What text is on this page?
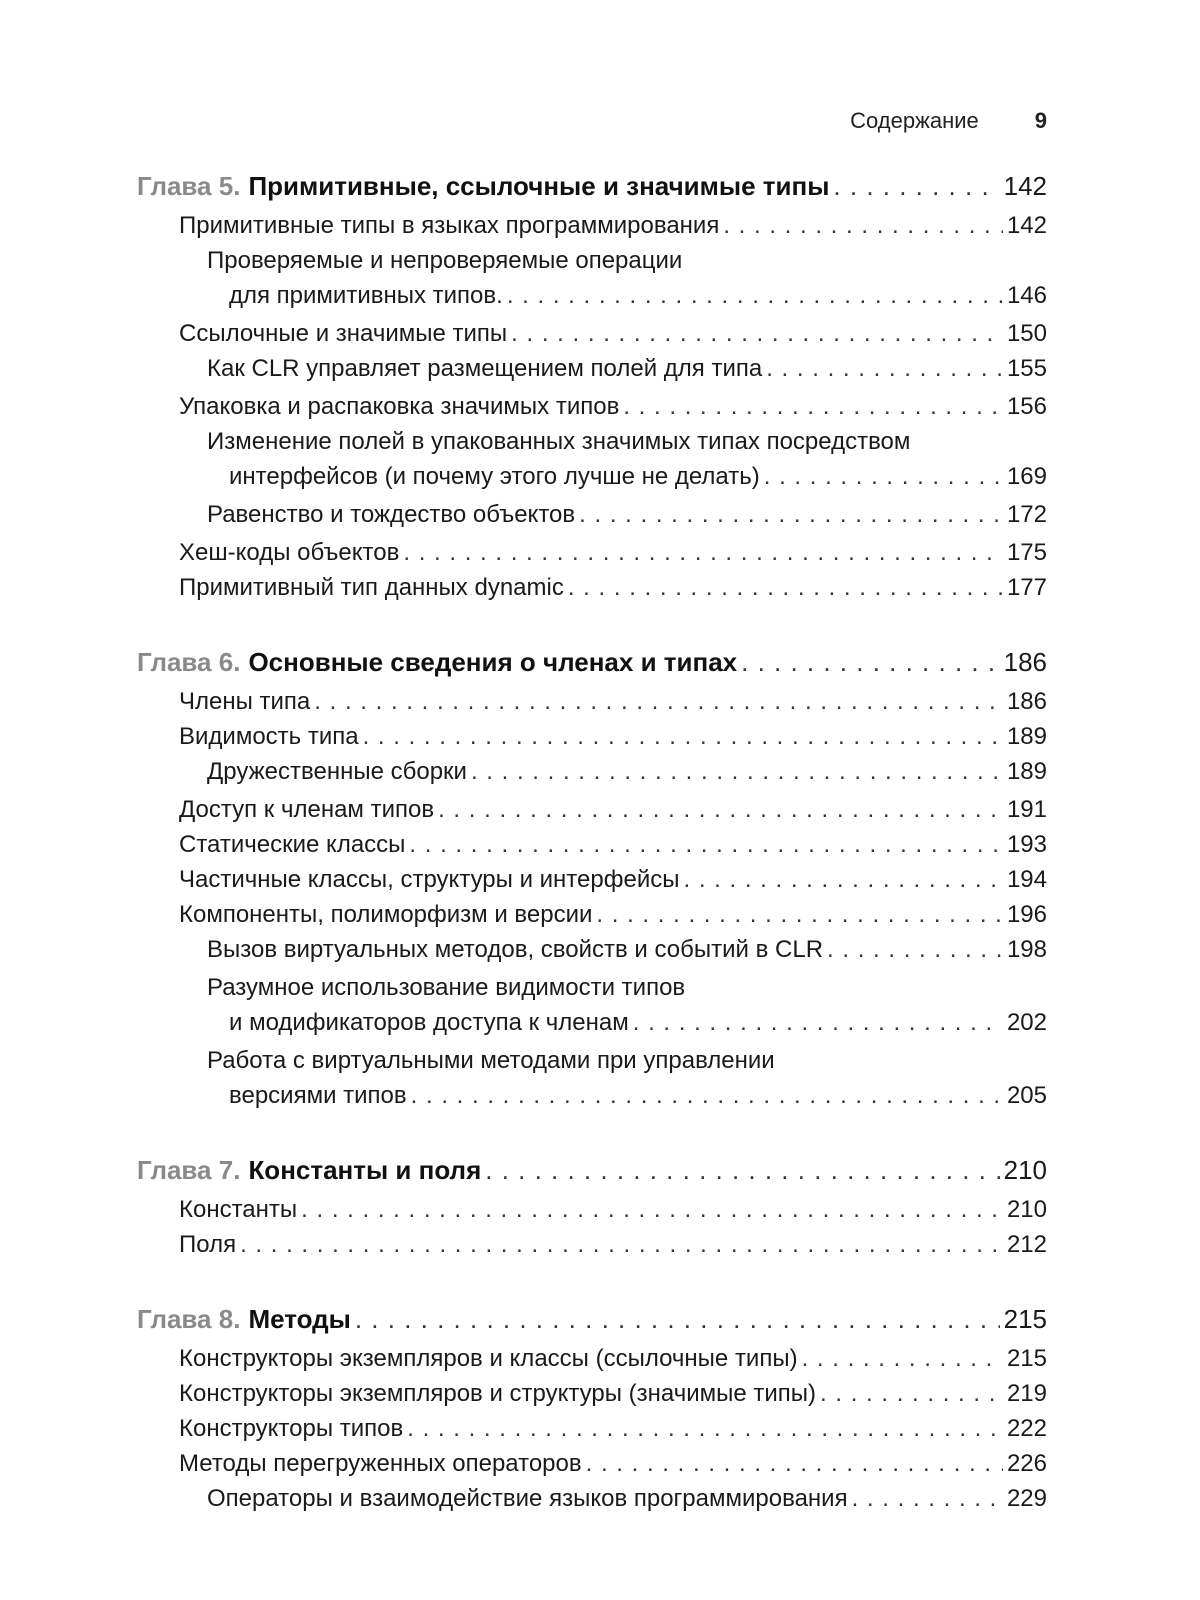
Содержание	9
Глава 5. Примитивные, ссылочные и значимые типы . . .	142
Примитивные типы в языках программирования . . .	142
Проверяемые и непроверяемые операции
для примитивных типов. . . .	146
Ссылочные и значимые типы . . .	150
Как CLR управляет размещением полей для типа . . .	155
Упаковка и распаковка значимых типов . . .	156
Изменение полей в упакованных значимых типах посредством
интерфейсов (и почему этого лучше не делать) . . .	169
Равенство и тождество объектов . . .	172
Хеш-коды объектов . . .	175
Примитивный тип данных dynamic . . .	177
Глава 6. Основные сведения о членах и типах . . .	186
Члены типа . . .	186
Видимость типа . . .	189
Дружественные сборки . . .	189
Доступ к членам типов . . .	191
Статические классы . . .	193
Частичные классы, структуры и интерфейсы . . .	194
Компоненты, полиморфизм и версии . . .	196
Вызов виртуальных методов, свойств и событий в CLR . . .	198
Разумное использование видимости типов
и модификаторов доступа к членам . . .	202
Работа с виртуальными методами при управлении
версиями типов . . .	205
Глава 7. Константы и поля . . .	210
Константы . . .	210
Поля . . .	212
Глава 8. Методы . . .	215
Конструкторы экземпляров и классы (ссылочные типы) . . .	215
Конструкторы экземпляров и структуры (значимые типы) . . .	219
Конструкторы типов . . .	222
Методы перегруженных операторов . . .	226
Операторы и взаимодействие языков программирования . . .	229
